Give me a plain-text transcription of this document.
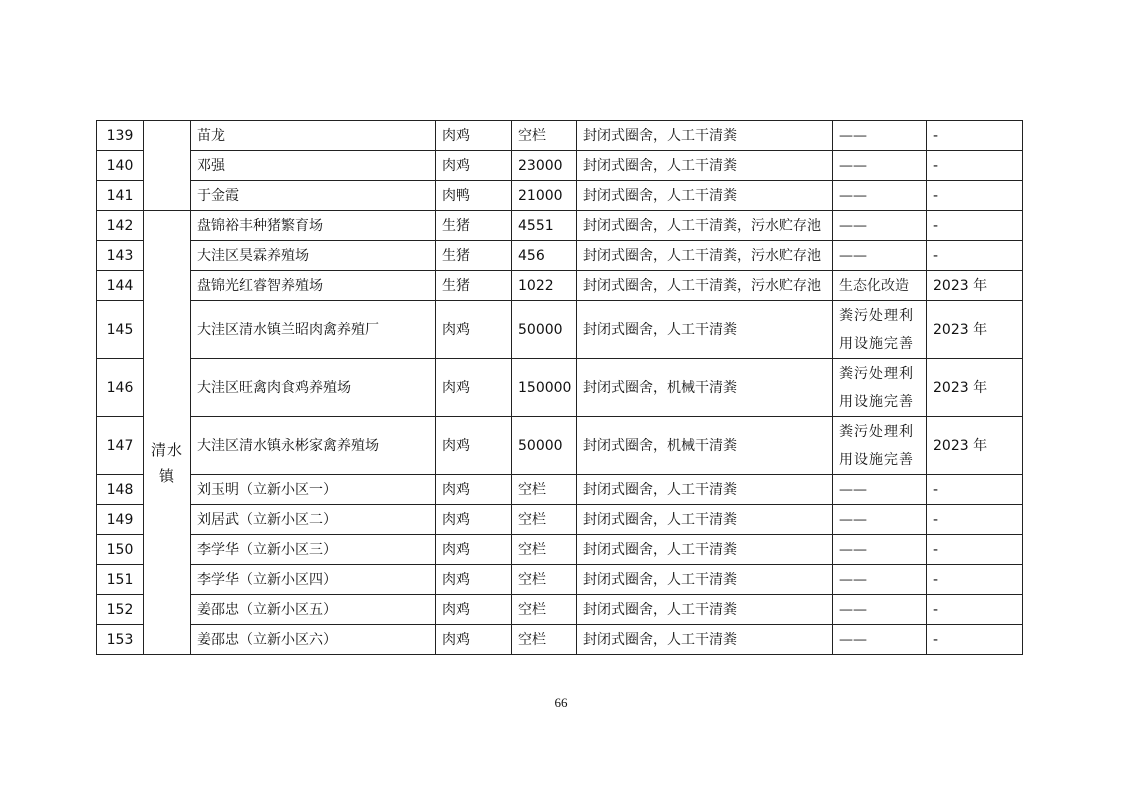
139		苗龙	肉鸡	空栏	封闭式圈舍，人工干清粪	——	-
140		邓强	肉鸡	23000	封闭式圈舍，人工干清粪	——	-
141		于金霞	肉鸭	21000	封闭式圈舍，人工干清粪	——	-
142	清水镇	盘锦裕丰种猪繁育场	生猪	4551	封闭式圈舍，人工干清粪，污水贮存池	——	-
143		大洼区昊霖养殖场	生猪	456	封闭式圈舍，人工干清粪，污水贮存池	——	-
144		盘锦光红睿智养殖场	生猪	1022	封闭式圈舍，人工干清粪，污水贮存池	生态化改造	2023 年
145		大洼区清水镇兰昭肉禽养殖厂	肉鸡	50000	封闭式圈舍，人工干清粪	粪污处理利用设施完善	2023 年
146		大洼区旺禽肉食鸡养殖场	肉鸡	150000	封闭式圈舍，机械干清粪	粪污处理利用设施完善	2023 年
147		大洼区清水镇永彬家禽养殖场	肉鸡	50000	封闭式圈舍，机械干清粪	粪污处理利用设施完善	2023 年
148		刘玉明（立新小区一）	肉鸡	空栏	封闭式圈舍，人工干清粪	——	-
149		刘居武（立新小区二）	肉鸡	空栏	封闭式圈舍，人工干清粪	——	-
150		李学华（立新小区三）	肉鸡	空栏	封闭式圈舍，人工干清粪	——	-
151		李学华（立新小区四）	肉鸡	空栏	封闭式圈舍，人工干清粪	——	-
152		姜邵忠（立新小区五）	肉鸡	空栏	封闭式圈舍，人工干清粪	——	-
153		姜邵忠（立新小区六）	肉鸡	空栏	封闭式圈舍，人工干清粪	——	-
66
